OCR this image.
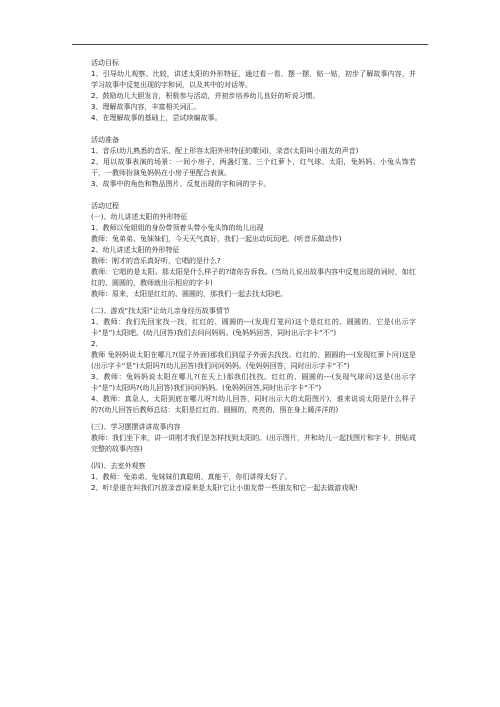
活动目标

1、引导幼儿观察、比较，讲述太阳的外形特征，通过看一看、摆一摆、贴一贴，初步了解故事内容，并学习故事中反复出现的字和词，以及其中的对话等。

2、鼓励幼儿大胆发言，积极参与活动，并初步培养幼儿良好的听说习惯。

3、理解故事内容，丰富相关词汇。

4、在理解故事的基础上，尝试续编故事。

活动准备

1、音乐(幼儿熟悉的音乐，配上形容太阳外形特征的歌词)，录音(太阳叫小朋友的声音)

2、用以故事表演的场景：一间小房子，两盏灯笼、三个红萝卜，红气球、太阳，兔妈妈、小兔头饰若干，一教师扮演兔妈妈在小房子里配合表演。

3、故事中的角色和物品图片、反复出现的字和词的字卡。

活动过程

(一)、幼儿讲述太阳的外形特征

1、教师以兔姐姐的身份带领着头带小兔头饰的幼儿出现

教师：兔弟弟、兔妹妹们，今天天气真好，我们一起出动玩玩吧。(听音乐做动作)

2、幼儿讲述太阳的外形特征

教师：刚才的音乐真好听，它唱的是什么?

教师：它唱的是太阳。那太阳是什么样子的?请你告诉我。(当幼儿说出故事内容中反复出现的词时，如红红的、圆圆的，教师就出示相应的字卡)

教师：原来，太阳是红红的、圆圆的，那我们一起去找太阳吧。

(二)、游戏“找太阳”让幼儿亲身经历故事情节

1、教师：我们先回家找一找，红红的、圆圆的---(发现灯笼问)这个是红红的、圆圆的，它是(出示字卡“是”)太阳吧。(幼儿回答)我们去问问妈妈。(兔妈妈回答，同时出示字卡“不”)

2、

教师 兔妈妈说太阳在哪儿?(屋子外面)那我们到屋子外面去找找。红红的、圆圆的---(发现红萝卜问)这是(出示字卡“是”)太阳吗?(幼儿回答)我们问问妈妈。(兔妈妈回答，同时出示字卡“不”)

3、教师：兔妈妈说太阳在哪儿?(在天上)那我们找找。红红的、圆圆的---(发现气球问)这是(出示字卡“是”)太阳吗?(幼儿回答)我们问问妈妈。(兔妈妈回答,同时出示字卡“不”)

4、教师：真急人，太阳到底在哪儿呀?(幼儿回答，同时出示大的太阳图片)，谁来说说太阳是什么样子的?(幼儿回答后教师总结：太阳是红红的、圆圆的，亮亮的，照在身上暖洋洋的)

(三)、学习摆摆讲讲故事内容

教师：我们坐下来，讲一讲刚才我们是怎样找到太阳的。(出示图片，并和幼儿一起找图片和字卡，拼贴成完整的故事内容)

(四)、去室外观察

1、教师：兔弟弟、兔妹妹们真聪明、真能干，你们讲得太好了。

2、听!是谁在叫我们?(放录音)原来是太阳!它让小朋友带一些朋友和它一起去做游戏呢!
